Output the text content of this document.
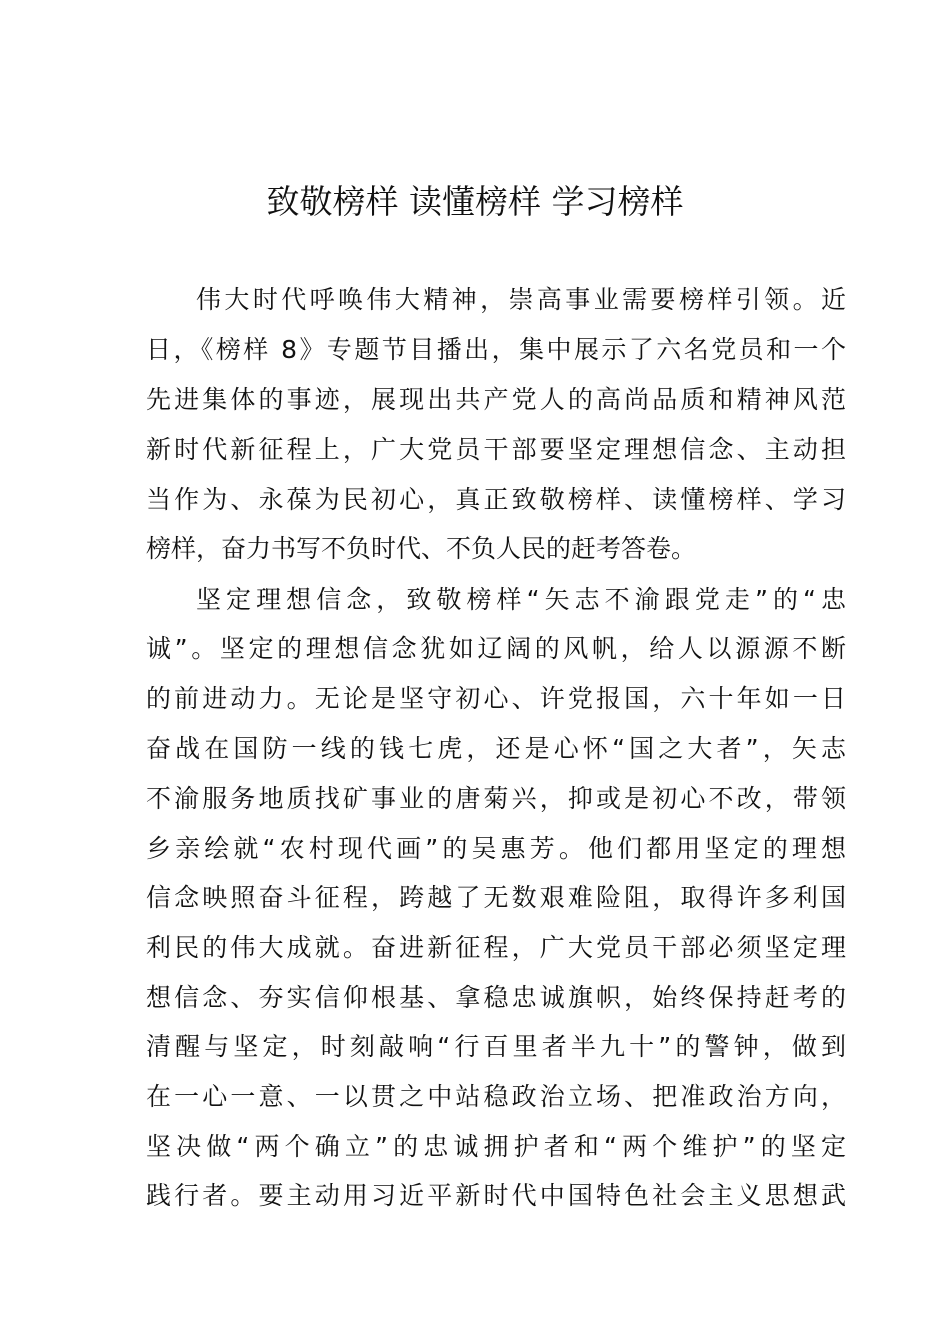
致敬榜样 读懂榜样 学习榜样
伟大时代呼唤伟大精神，崇高事业需要榜样引领。近
日，《榜样 8》专题节目播出，集中展示了六名党员和一个
先进集体的事迹，展现出共产党人的高尚品质和精神风范
新时代新征程上，广大党员干部要坚定理想信念、主动担
当作为、永葆为民初心，真正致敬榜样、读懂榜样、学习
榜样，奋力书写不负时代、不负人民的赶考答卷。
坚定理想信念，致敬榜样“矢志不渝跟党走”的“忠
诚”。坚定的理想信念犹如辽阔的风帆，给人以源源不断
的前进动力。无论是坚守初心、许党报国，六十年如一日
奋战在国防一线的钱七虎，还是心怀“国之大者”，矢志
不渝服务地质找矿事业的唐菊兴，抑或是初心不改，带领
乡亲绘就“农村现代画”的吴惠芳。他们都用坚定的理想
信念映照奋斗征程，跨越了无数艰难险阻，取得许多利国
利民的伟大成就。奋进新征程，广大党员干部必须坚定理
想信念、夯实信仰根基、拿稳忠诚旗帜，始终保持赶考的
清醒与坚定，时刻敲响“行百里者半九十”的警钟，做到
在一心一意、一以贯之中站稳政治立场、把准政治方向，
坚决做“两个确立”的忠诚拥护者和“两个维护”的坚定
践行者。要主动用习近平新时代中国特色社会主义思想武
